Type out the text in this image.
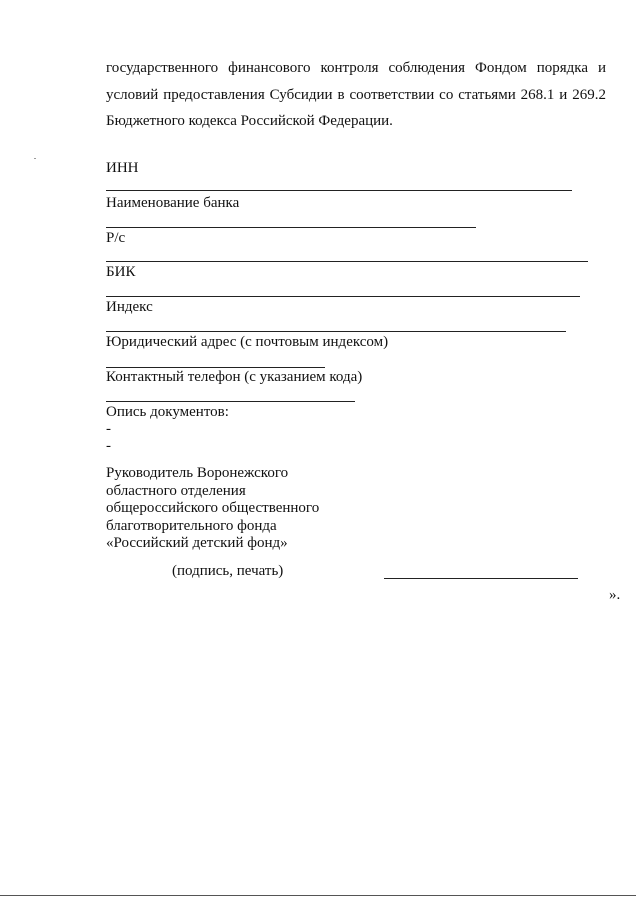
государственного финансового контроля соблюдения Фондом порядка и
условий предоставления Субсидии в соответствии со статьями 268.1 и 269.2
Бюджетного кодекса Российской Федерации.
ИНН
Наименование банка
Р/с
БИК
Индекс
Юридический адрес (с почтовым индексом)
Контактный телефон (с указанием кода)
Опись документов:
-
-
Руководитель Воронежского
областного отделения
общероссийского общественного
благотворительного фонда
«Российский детский фонд»
(подпись, печать)
».
